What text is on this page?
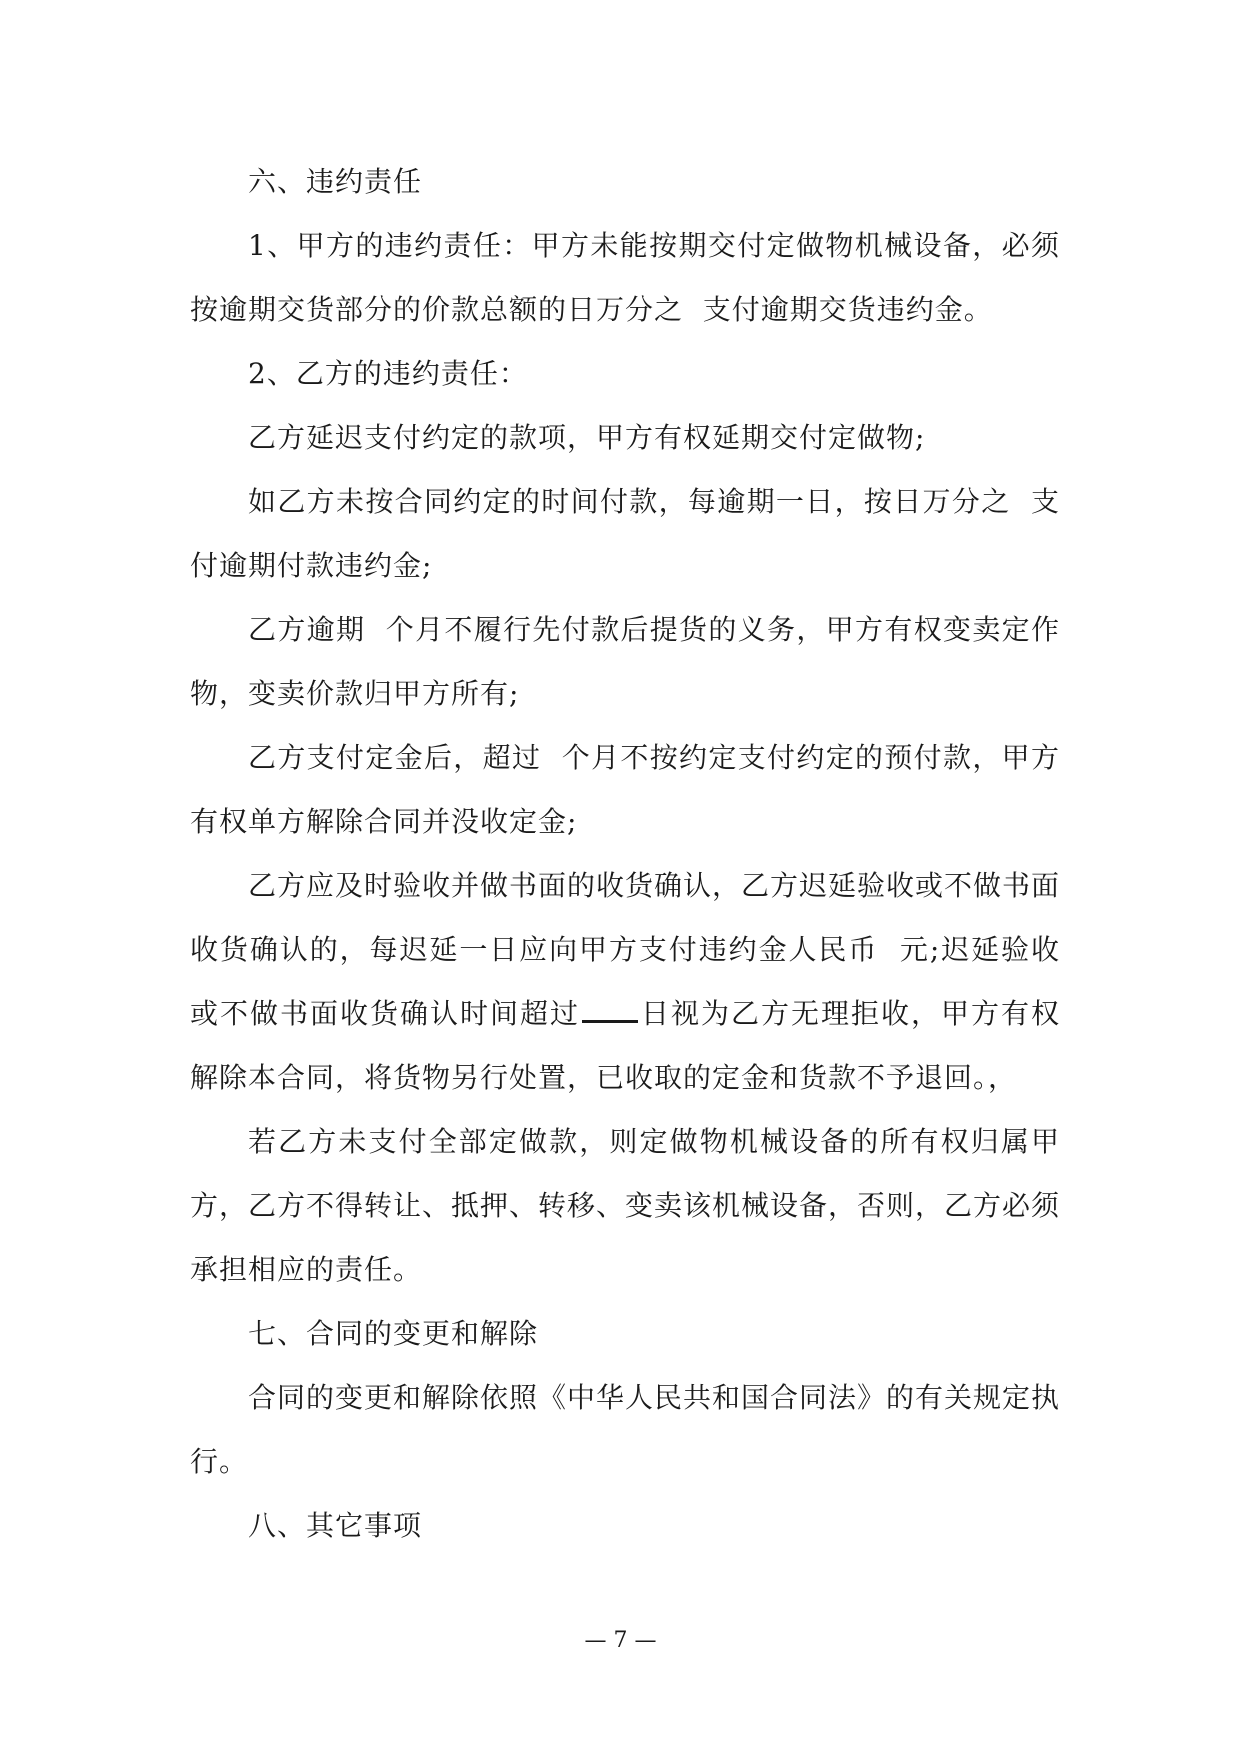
六、违约责任

1、甲方的违约责任：甲方未能按期交付定做物机械设备，必须按逾期交货部分的价款总额的日万分之  支付逾期交货违约金。

2、乙方的违约责任：

乙方延迟支付约定的款项，甲方有权延期交付定做物;

如乙方未按合同约定的时间付款，每逾期一日，按日万分之  支付逾期付款违约金;

乙方逾期  个月不履行先付款后提货的义务，甲方有权变卖定作物，变卖价款归甲方所有;

乙方支付定金后，超过  个月不按约定支付约定的预付款，甲方有权单方解除合同并没收定金;

乙方应及时验收并做书面的收货确认，乙方迟延验收或不做书面收货确认的，每迟延一日应向甲方支付违约金人民币  元;迟延验收或不做书面收货确认时间超过 日视为乙方无理拒收，甲方有权解除本合同，将货物另行处置，已收取的定金和货款不予退回。，

若乙方未支付全部定做款，则定做物机械设备的所有权归属甲方，乙方不得转让、抵押、转移、变卖该机械设备，否则，乙方必须承担相应的责任。

七、合同的变更和解除

合同的变更和解除依照《中华人民共和国合同法》的有关规定执行。

八、其它事项

— 7 —
